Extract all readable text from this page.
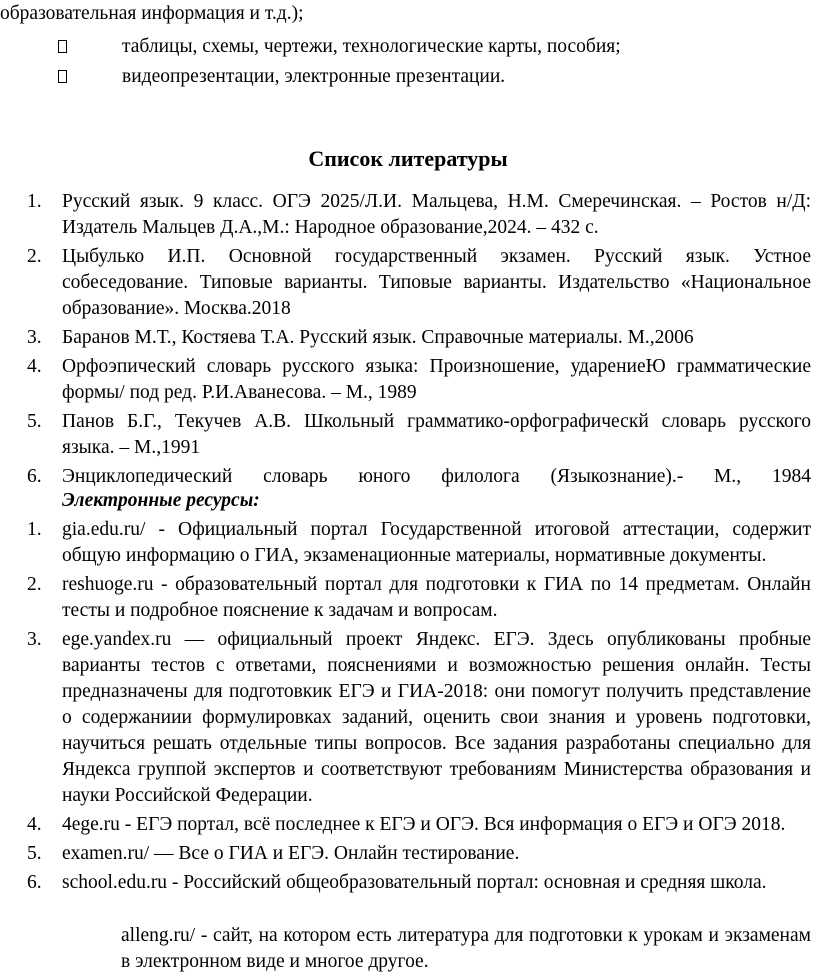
образовательная информация и т.д.);
таблицы, схемы, чертежи, технологические карты, пособия;
видеопрезентации, электронные презентации.
Список литературы
1. Русский язык. 9 класс. ОГЭ 2025/Л.И. Мальцева, Н.М. Смеречинская. – Ростов н/Д: Издатель Мальцев Д.А.,М.: Народное образование,2024. – 432 с.
2. Цыбулько И.П. Основной государственный экзамен. Русский язык. Устное собеседование. Типовые варианты. Типовые варианты. Издательство «Национальное образование». Москва.2018
3. Баранов М.Т., Костяева Т.А. Русский язык. Справочные материалы. М.,2006
4. Орфоэпический словарь русского языка: Произношение, ударениеЮ грамматические формы/ под ред. Р.И.Аванесова. – М., 1989
5. Панов Б.Г., Текучев А.В. Школьный грамматико-орфографическй словарь русского языка. – М.,1991
6. Энциклопедический словарь юного филолога (Языкознание).- М., 1984
Электронные ресурсы:
1. gia.edu.ru/ - Официальный портал Государственной итоговой аттестации, содержит общую информацию о ГИА, экзаменационные материалы, нормативные документы.
2. reshuoge.ru - образовательный портал для подготовки к ГИА по 14 предметам. Онлайн тесты и подробное пояснение к задачам и вопросам.
3. ege.yandex.ru — официальный проект Яндекс. ЕГЭ. Здесь опубликованы пробные варианты тестов с ответами, пояснениями и возможностью решения онлайн. Тесты предназначены для подготовкик ЕГЭ и ГИА-2018: они помогут получить представление о содержаниии формулировках заданий, оценить свои знания и уровень подготовки, научиться решать отдельные типы вопросов. Все задания разработаны специально для Яндекса группой экспертов и соответствуют требованиям Министерства образования и науки Российской Федерации.
4. 4ege.ru - ЕГЭ портал, всё последнее к ЕГЭ и ОГЭ. Вся информация о ЕГЭ и ОГЭ 2018.
5. examen.ru/ — Все о ГИА и ЕГЭ. Онлайн тестирование.
6. school.edu.ru - Российский общеобразовательный портал: основная и средняя школа.
alleng.ru/ - сайт, на котором есть литература для подготовки к урокам и экзаменам в электронном виде и многое другое.
